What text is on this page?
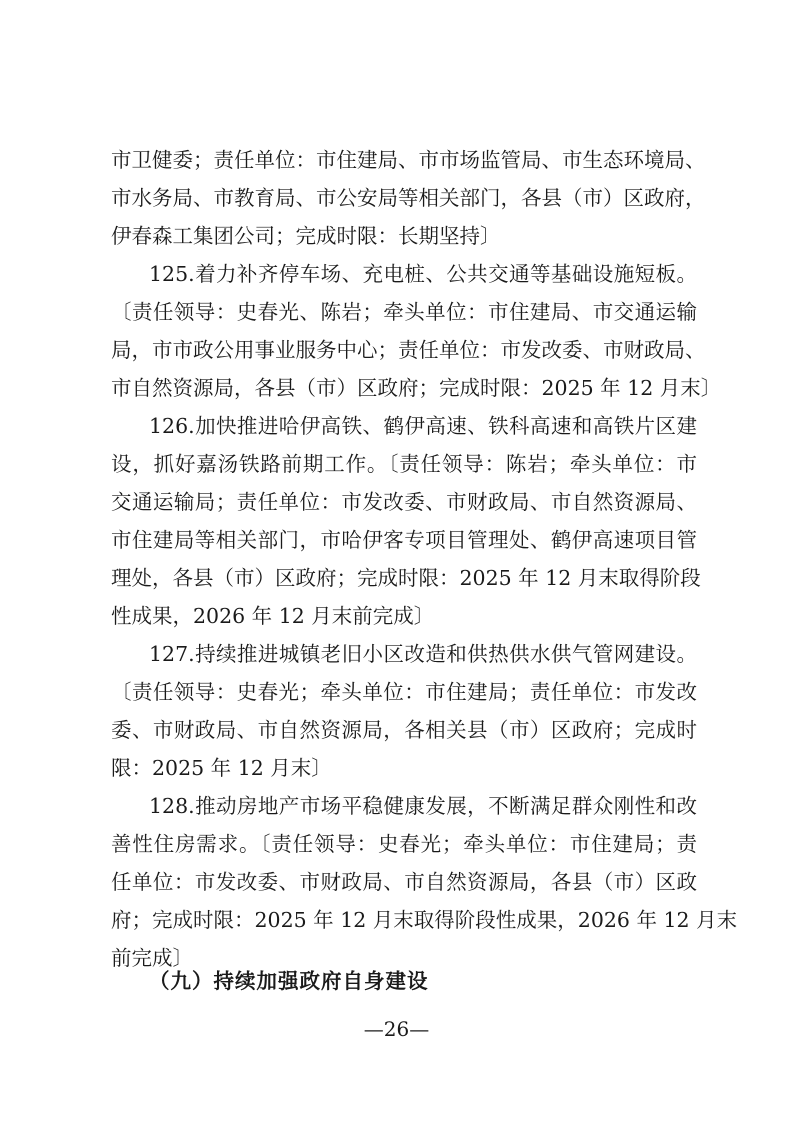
市卫健委；责任单位：市住建局、市市场监管局、市生态环境局、
市水务局、市教育局、市公安局等相关部门，各县（市）区政府，
伊春森工集团公司；完成时限：长期坚持〕
125.着力补齐停车场、充电桩、公共交通等基础设施短板。
〔责任领导：史春光、陈岩；牵头单位：市住建局、市交通运输
局，市市政公用事业服务中心；责任单位：市发改委、市财政局、
市自然资源局，各县（市）区政府；完成时限：2025 年 12 月末〕
126.加快推进哈伊高铁、鹤伊高速、铁科高速和高铁片区建
设，抓好嘉汤铁路前期工作。〔责任领导：陈岩；牵头单位：市
交通运输局；责任单位：市发改委、市财政局、市自然资源局、
市住建局等相关部门，市哈伊客专项目管理处、鹤伊高速项目管
理处，各县（市）区政府；完成时限：2025 年 12 月末取得阶段
性成果，2026 年 12 月末前完成〕
127.持续推进城镇老旧小区改造和供热供水供气管网建设。
〔责任领导：史春光；牵头单位：市住建局；责任单位：市发改
委、市财政局、市自然资源局，各相关县（市）区政府；完成时
限：2025 年 12 月末〕
128.推动房地产市场平稳健康发展，不断满足群众刚性和改
善性住房需求。〔责任领导：史春光；牵头单位：市住建局；责
任单位：市发改委、市财政局、市自然资源局，各县（市）区政
府；完成时限：2025 年 12 月末取得阶段性成果，2026 年 12 月末
前完成〕
（九）持续加强政府自身建设
—26—
